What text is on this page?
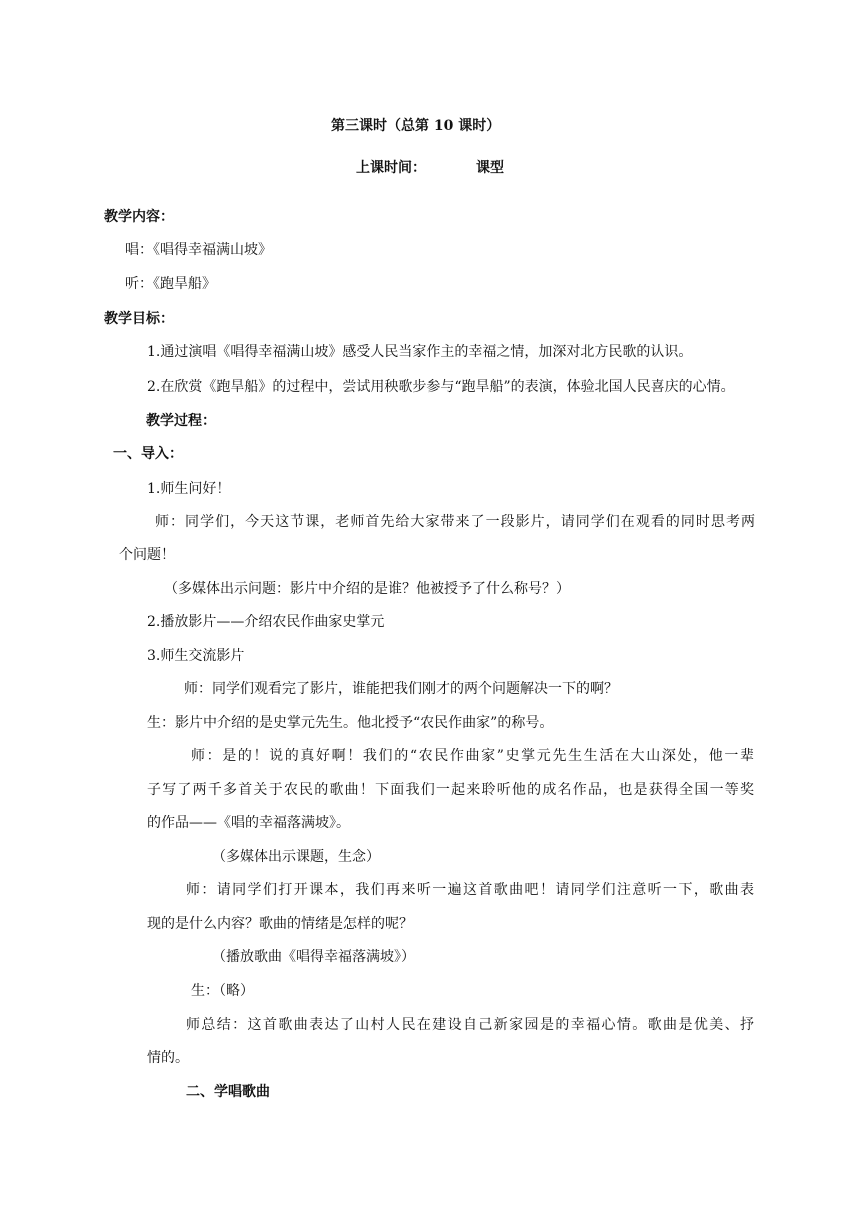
第三课时（总第 10 课时）
上课时间：	课型
教学内容：
唱：《唱得幸福满山坡》
听：《跑旱船》
教学目标：
1.通过演唱《唱得幸福满山坡》感受人民当家作主的幸福之情，加深对北方民歌的认识。
2.在欣赏《跑旱船》的过程中，尝试用秧歌步参与“跑旱船”的表演，体验北国人民喜庆的心情。
教学过程：
一、导入：
1.师生问好！
师：同学们，今天这节课，老师首先给大家带来了一段影片，请同学们在观看的同时思考两
个问题！
（多媒体出示问题：影片中介绍的是谁？他被授予了什么称号？）
2.播放影片——介绍农民作曲家史掌元
3.师生交流影片
师：同学们观看完了影片，谁能把我们刚才的两个问题解决一下的啊？
生：影片中介绍的是史掌元先生。他北授予“农民作曲家”的称号。
师：是的！说的真好啊！我们的“农民作曲家”史掌元先生生活在大山深处，他一辈
子写了两千多首关于农民的歌曲！下面我们一起来聆听他的成名作品，也是获得全国一等奖
的作品——《唱的幸福落满坡》。
（多媒体出示课题，生念）
师：请同学们打开课本，我们再来听一遍这首歌曲吧！请同学们注意听一下，歌曲表
现的是什么内容？歌曲的情绪是怎样的呢？
（播放歌曲《唱得幸福落满坡》）
生：（略）
师总结：这首歌曲表达了山村人民在建设自己新家园是的幸福心情。歌曲是优美、抒
情的。
二、学唱歌曲
